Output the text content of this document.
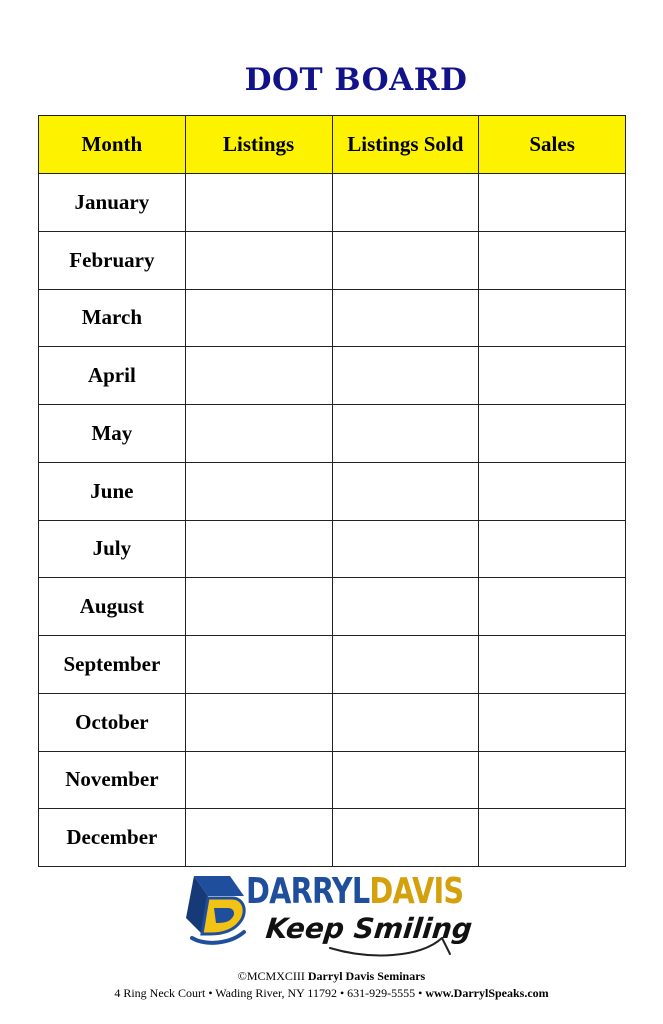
DOT BOARD
Month	Listings	Listings Sold	Sales
January			
February			
March			
April			
May			
June			
July			
August			
September			
October			
November			
December			
DARRYLDAVIS
Keep Smiling
©MCMXCIII Darryl Davis Seminars
4 Ring Neck Court • Wading River, NY 11792 • 631-929-5555 • www.DarrylSpeaks.com
